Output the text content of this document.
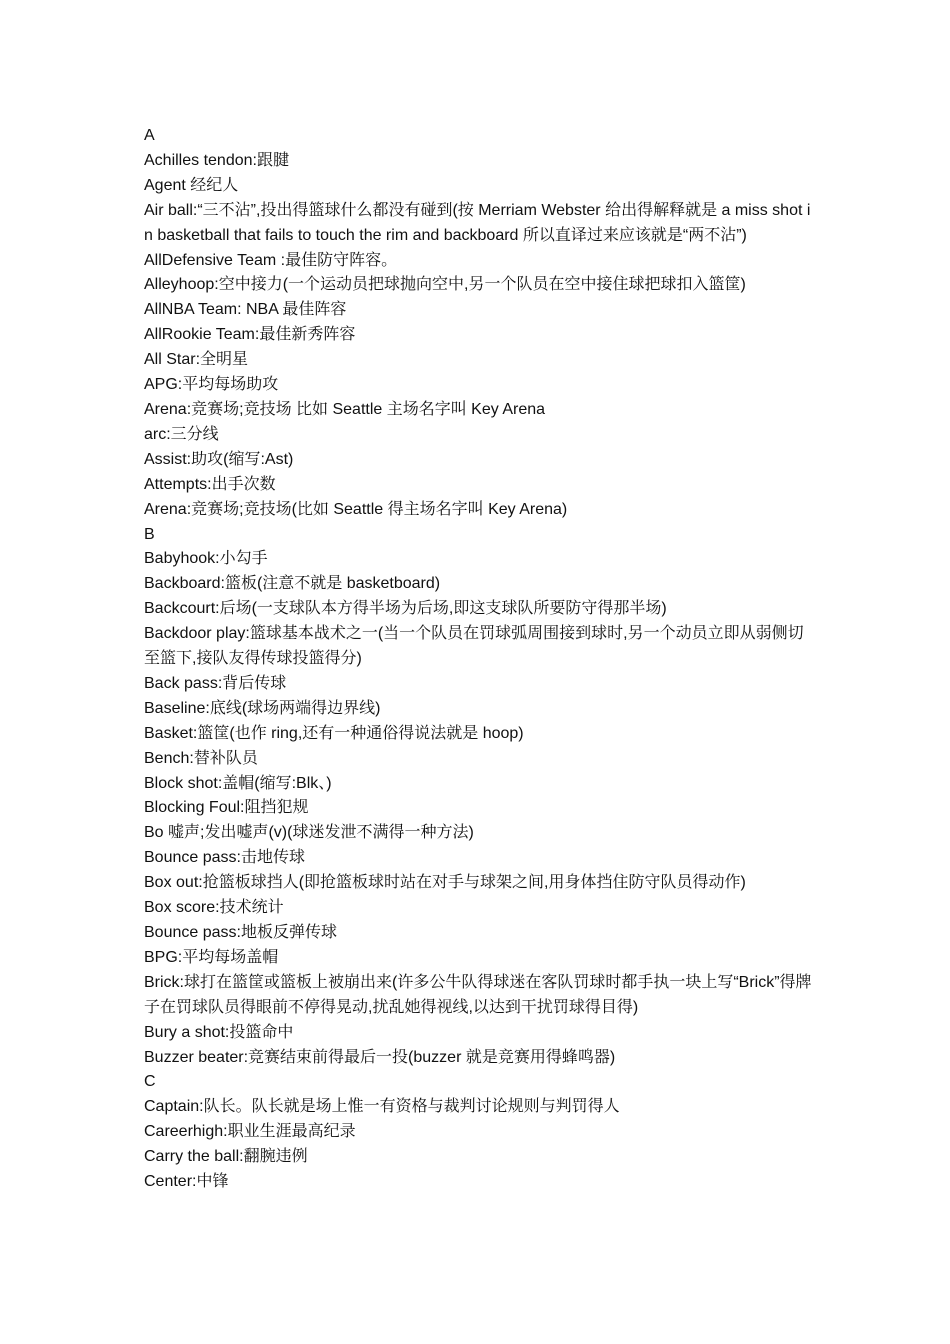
A

Achilles tendon:跟腱

Agent 经纪人

Air ball:“三不沾”,投出得篮球什么都没有碰到(按 Merriam Webster 给出得解释就是 a miss shot in basketball that fails to touch the rim and backboard 所以直译过来应该就是“两不沾”)

AllDefensive Team :最佳防守阵容。

Alleyhoop:空中接力(一个运动员把球抛向空中,另一个队员在空中接住球把球扣入篮筐)

AllNBA Team: NBA 最佳阵容

AllRookie Team:最佳新秀阵容

All Star:全明星

APG:平均每场助攻

Arena:竞赛场;竞技场 比如 Seattle 主场名字叫 Key Arena

arc:三分线

Assist:助攻(缩写:Ast)

Attempts:出手次数

Arena:竞赛场;竞技场(比如 Seattle 得主场名字叫 Key Arena)

B

Babyhook:小勾手

Backboard:篮板(注意不就是 basketboard)

Backcourt:后场(一支球队本方得半场为后场,即这支球队所要防守得那半场)

Backdoor play:篮球基本战术之一(当一个队员在罚球弧周围接到球时,另一个动员立即从弱侧切至篮下,接队友得传球投篮得分)

Back pass:背后传球

Baseline:底线(球场两端得边界线)

Basket:篮筐(也作 ring,还有一种通俗得说法就是 hoop)

Bench:替补队员

Block shot:盖帽(缩写:Blk、)

Blocking Foul:阻挡犯规

Bo 嘘声;发出嘘声(v)(球迷发泄不满得一种方法)

Bounce pass:击地传球

Box out:抢篮板球挡人(即抢篮板球时站在对手与球架之间,用身体挡住防守队员得动作)

Box score:技术统计

Bounce pass:地板反弹传球

BPG:平均每场盖帽

Brick:球打在篮筐或篮板上被崩出来(许多公牛队得球迷在客队罚球时都手执一块上写“Brick”得牌子在罚球队员得眼前不停得晃动,扰乱她得视线,以达到干扰罚球得目得)

Bury a shot:投篮命中

Buzzer beater:竞赛结束前得最后一投(buzzer 就是竞赛用得蜂鸣器)

C

Captain:队长。队长就是场上惟一有资格与裁判讨论规则与判罚得人

Careerhigh:职业生涯最高纪录

Carry the ball:翻腕违例

Center:中锋
